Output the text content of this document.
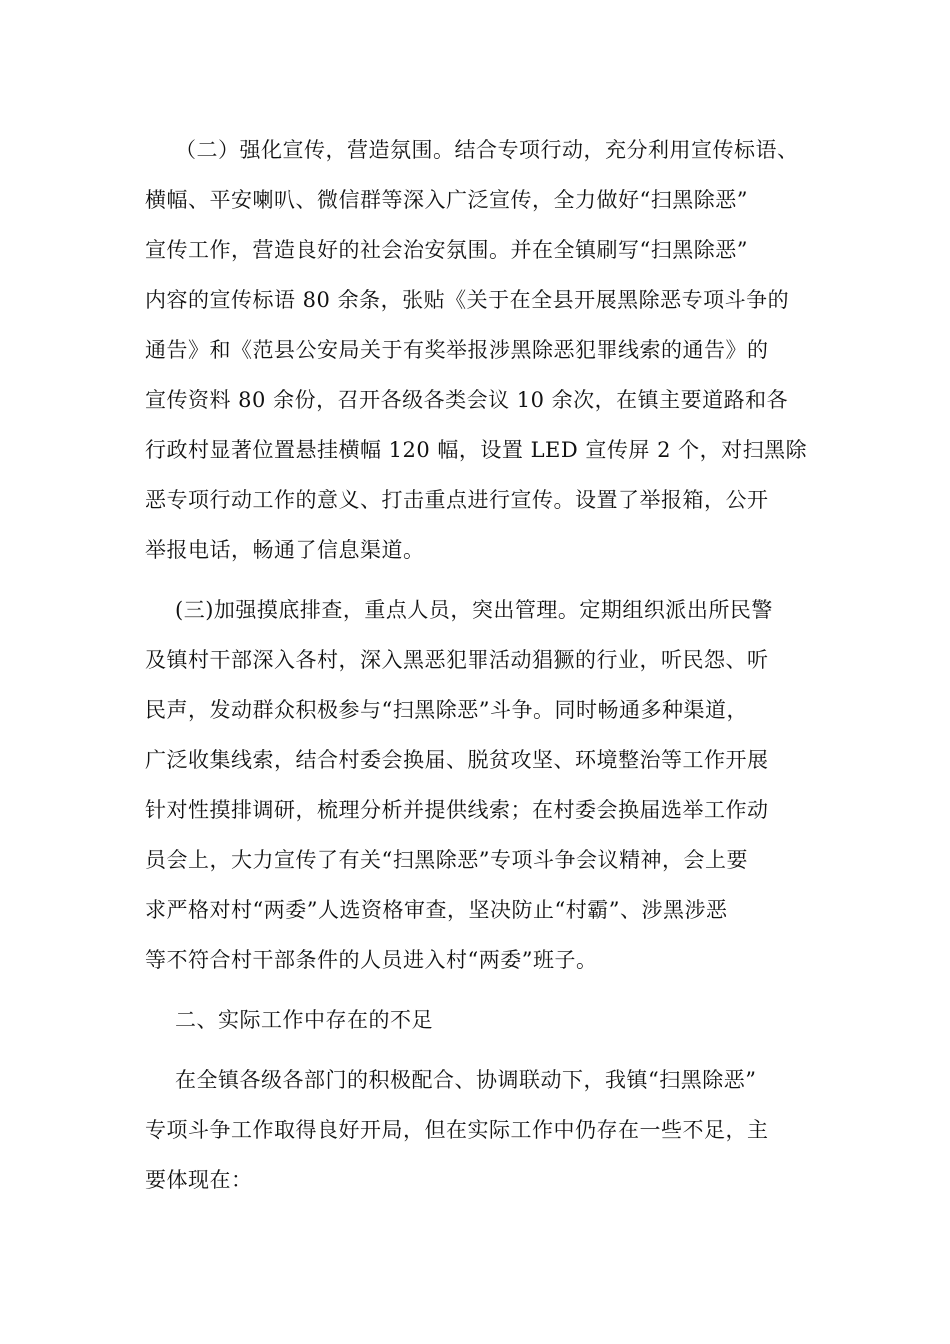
（二）强化宣传，营造氛围。结合专项行动，充分利用宣传标语、
横幅、平安喇叭、微信群等深入广泛宣传，全力做好“扫黑除恶”
宣传工作，营造良好的社会治安氛围。并在全镇刷写“扫黑除恶”
内容的宣传标语 80 余条，张贴《关于在全县开展黑除恶专项斗争的
通告》和《范县公安局关于有奖举报涉黑除恶犯罪线索的通告》的
宣传资料 80 余份，召开各级各类会议 10 余次，在镇主要道路和各
行政村显著位置悬挂横幅 120 幅，设置 LED 宣传屏 2 个，对扫黑除
恶专项行动工作的意义、打击重点进行宣传。设置了举报箱，公开
举报电话，畅通了信息渠道。
(三)加强摸底排查，重点人员，突出管理。定期组织派出所民警
及镇村干部深入各村，深入黑恶犯罪活动猖獗的行业，听民怨、听
民声，发动群众积极参与“扫黑除恶”斗争。同时畅通多种渠道，
广泛收集线索，结合村委会换届、脱贫攻坚、环境整治等工作开展
针对性摸排调研，梳理分析并提供线索；在村委会换届选举工作动
员会上，大力宣传了有关“扫黑除恶”专项斗争会议精神，会上要
求严格对村“两委”人选资格审查，坚决防止“村霸”、涉黑涉恶
等不符合村干部条件的人员进入村“两委”班子。
二、实际工作中存在的不足
在全镇各级各部门的积极配合、协调联动下，我镇“扫黑除恶”
专项斗争工作取得良好开局，但在实际工作中仍存在一些不足，主
要体现在：
